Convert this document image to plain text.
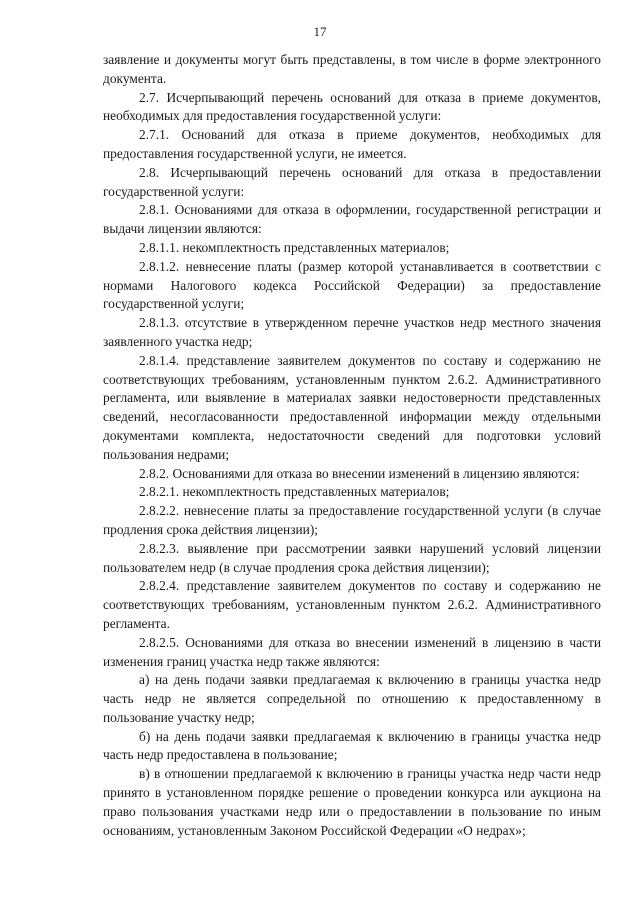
17

заявление и документы могут быть представлены, в том числе в форме электронного документа.

2.7. Исчерпывающий перечень оснований для отказа в приеме документов, необходимых для предоставления государственной услуги:

2.7.1. Оснований для отказа в приеме документов, необходимых для предоставления государственной услуги, не имеется.

2.8. Исчерпывающий перечень оснований для отказа в предоставлении государственной услуги:

2.8.1. Основаниями для отказа в оформлении, государственной регистрации и выдачи лицензии являются:

2.8.1.1. некомплектность представленных материалов;

2.8.1.2. невнесение платы (размер которой устанавливается в соответствии с нормами Налогового кодекса Российской Федерации) за предоставление государственной услуги;

2.8.1.3. отсутствие в утвержденном перечне участков недр местного значения заявленного участка недр;

2.8.1.4. представление заявителем документов по составу и содержанию не соответствующих требованиям, установленным пунктом 2.6.2. Административного регламента, или выявление в материалах заявки недостоверности представленных сведений, несогласованности предоставленной информации между отдельными документами комплекта, недостаточности сведений для подготовки условий пользования недрами;

2.8.2. Основаниями для отказа во внесении изменений в лицензию являются:

2.8.2.1. некомплектность представленных материалов;

2.8.2.2. невнесение платы за предоставление государственной услуги (в случае продления срока действия лицензии);

2.8.2.3. выявление при рассмотрении заявки нарушений условий лицензии пользователем недр (в случае продления срока действия лицензии);

2.8.2.4. представление заявителем документов по составу и содержанию не соответствующих требованиям, установленным пунктом 2.6.2. Административного регламента.

2.8.2.5. Основаниями для отказа во внесении изменений в лицензию в части изменения границ участка недр также являются:

а) на день подачи заявки предлагаемая к включению в границы участка недр часть недр не является сопредельной по отношению к предоставленному в пользование участку недр;

б) на день подачи заявки предлагаемая к включению в границы участка недр часть недр предоставлена в пользование;

в) в отношении предлагаемой к включению в границы участка недр части недр принято в установленном порядке решение о проведении конкурса или аукциона на право пользования участками недр или о предоставлении в пользование по иным основаниям, установленным Законом Российской Федерации «О недрах»;
